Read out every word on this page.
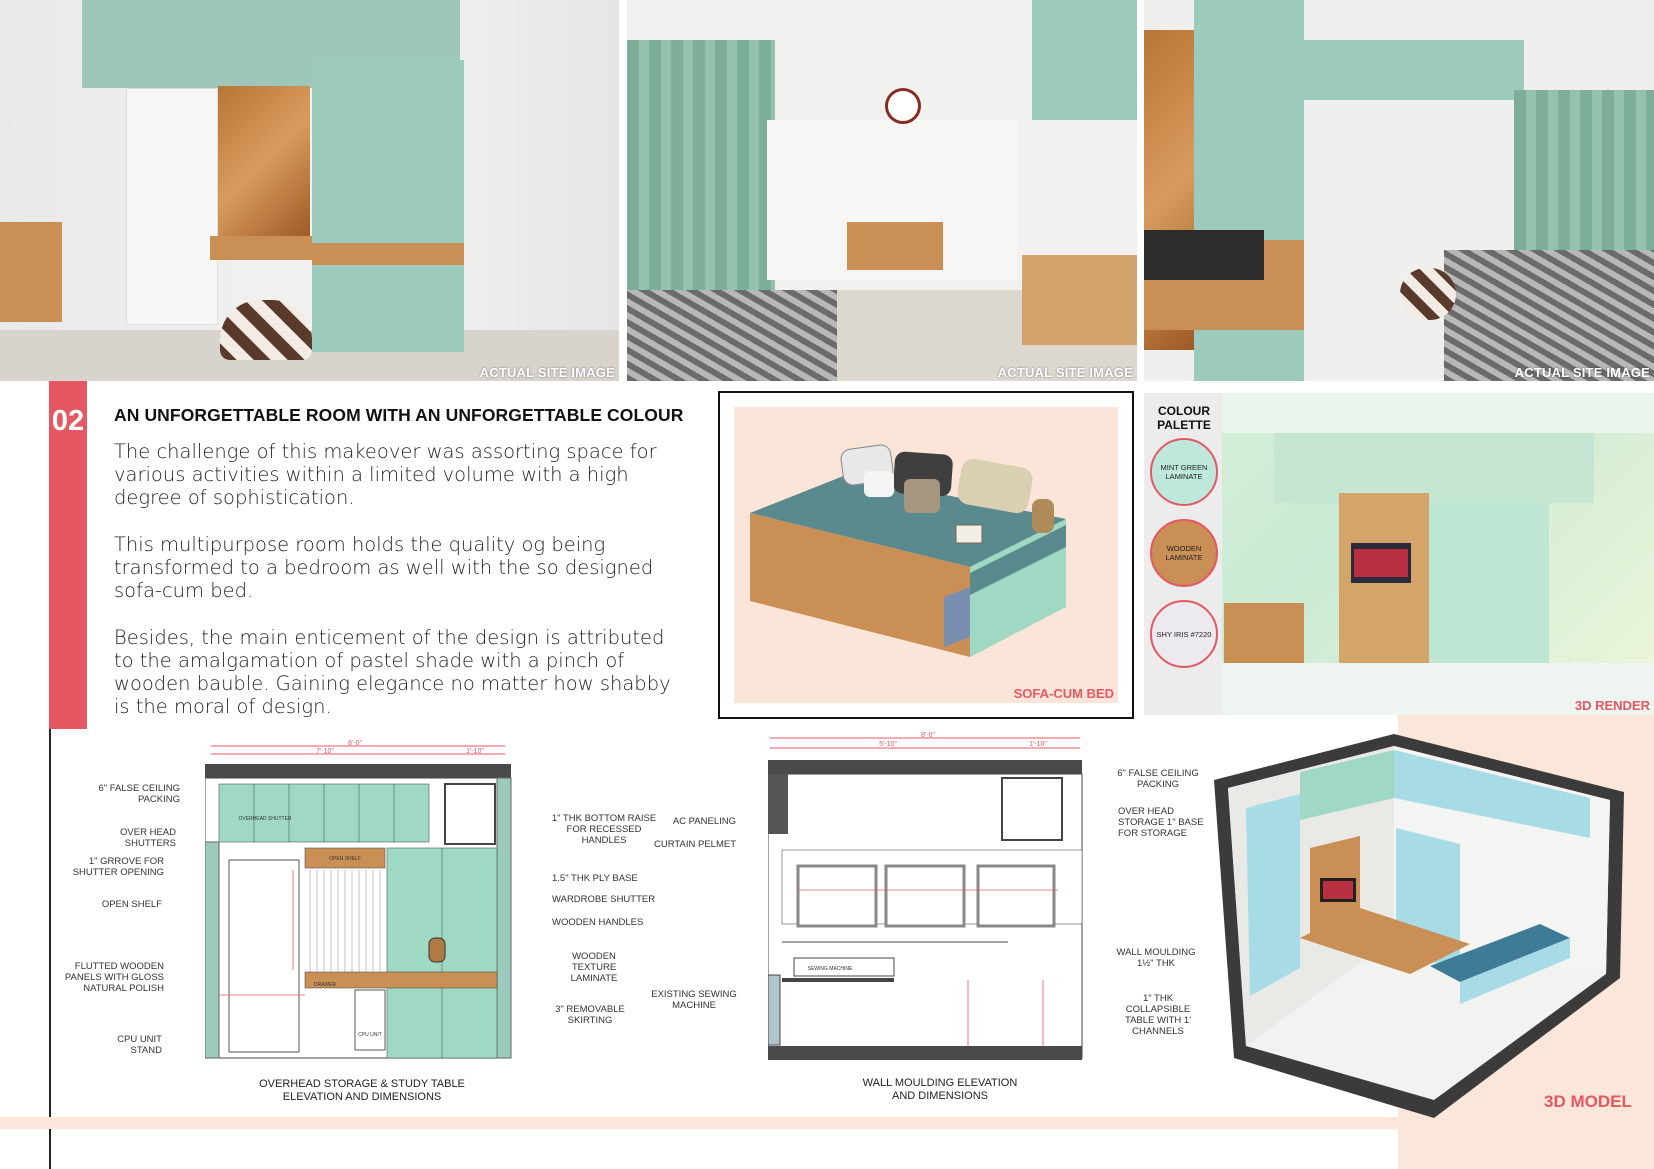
ACTUAL SITE IMAGE	ACTUAL SITE IMAGE	ACTUAL SITE IMAGE
02 AN UNFORGETTABLE ROOM WITH AN UNFORGETTABLE COLOUR
The challenge of this makeover was assorting space for various activities within a limited volume with a high degree of sophistication.
This multipurpose room holds the quality og being transformed to a bedroom as well with the so designed sofa-cum bed.
Besides, the main enticement of the design is attributed to the amalgamation of pastel shade with a pinch of wooden bauble. Gaining elegance no matter how shabby is the moral of design.
SOFA-CUM BED
3D RENDER
COLOUR PALETTE
MINT GREEN LAMINATE
WOODEN LAMINATE
SHY IRIS #7220
8'-0"
7'-10"	1'-10"
OVERHEAD SHUTTER
OPEN SHELF
DRAWER
CPU UNIT
6" FALSE CEILING PACKING
OVER HEAD SHUTTERS
1" GRROVE FOR SHUTTER OPENING
OPEN SHELF
FLUTTED WOODEN PANELS WITH GLOSS NATURAL POLISH
CPU UNIT STAND
1" THK BOTTOM RAISE FOR RECESSED HANDLES
1.5" THK PLY BASE
WARDROBE SHUTTER
WOODEN HANDLES
WOODEN TEXTURE LAMINATE
3" REMOVABLE SKIRTING
OVERHEAD STORAGE & STUDY TABLE ELEVATION AND DIMENSIONS
8'-0"
5'-10"	1'-10"
SEWING MACHINE
AC PANELING
CURTAIN PELMET
EXISTING SEWING MACHINE
6" FALSE CEILING PACKING
OVER HEAD STORAGE 1" BASE FOR STORAGE
WALL MOULDING 1½" THK
1" THK COLLAPSIBLE TABLE WITH 1' CHANNELS
WALL MOULDING ELEVATION AND DIMENSIONS	3D MODEL
